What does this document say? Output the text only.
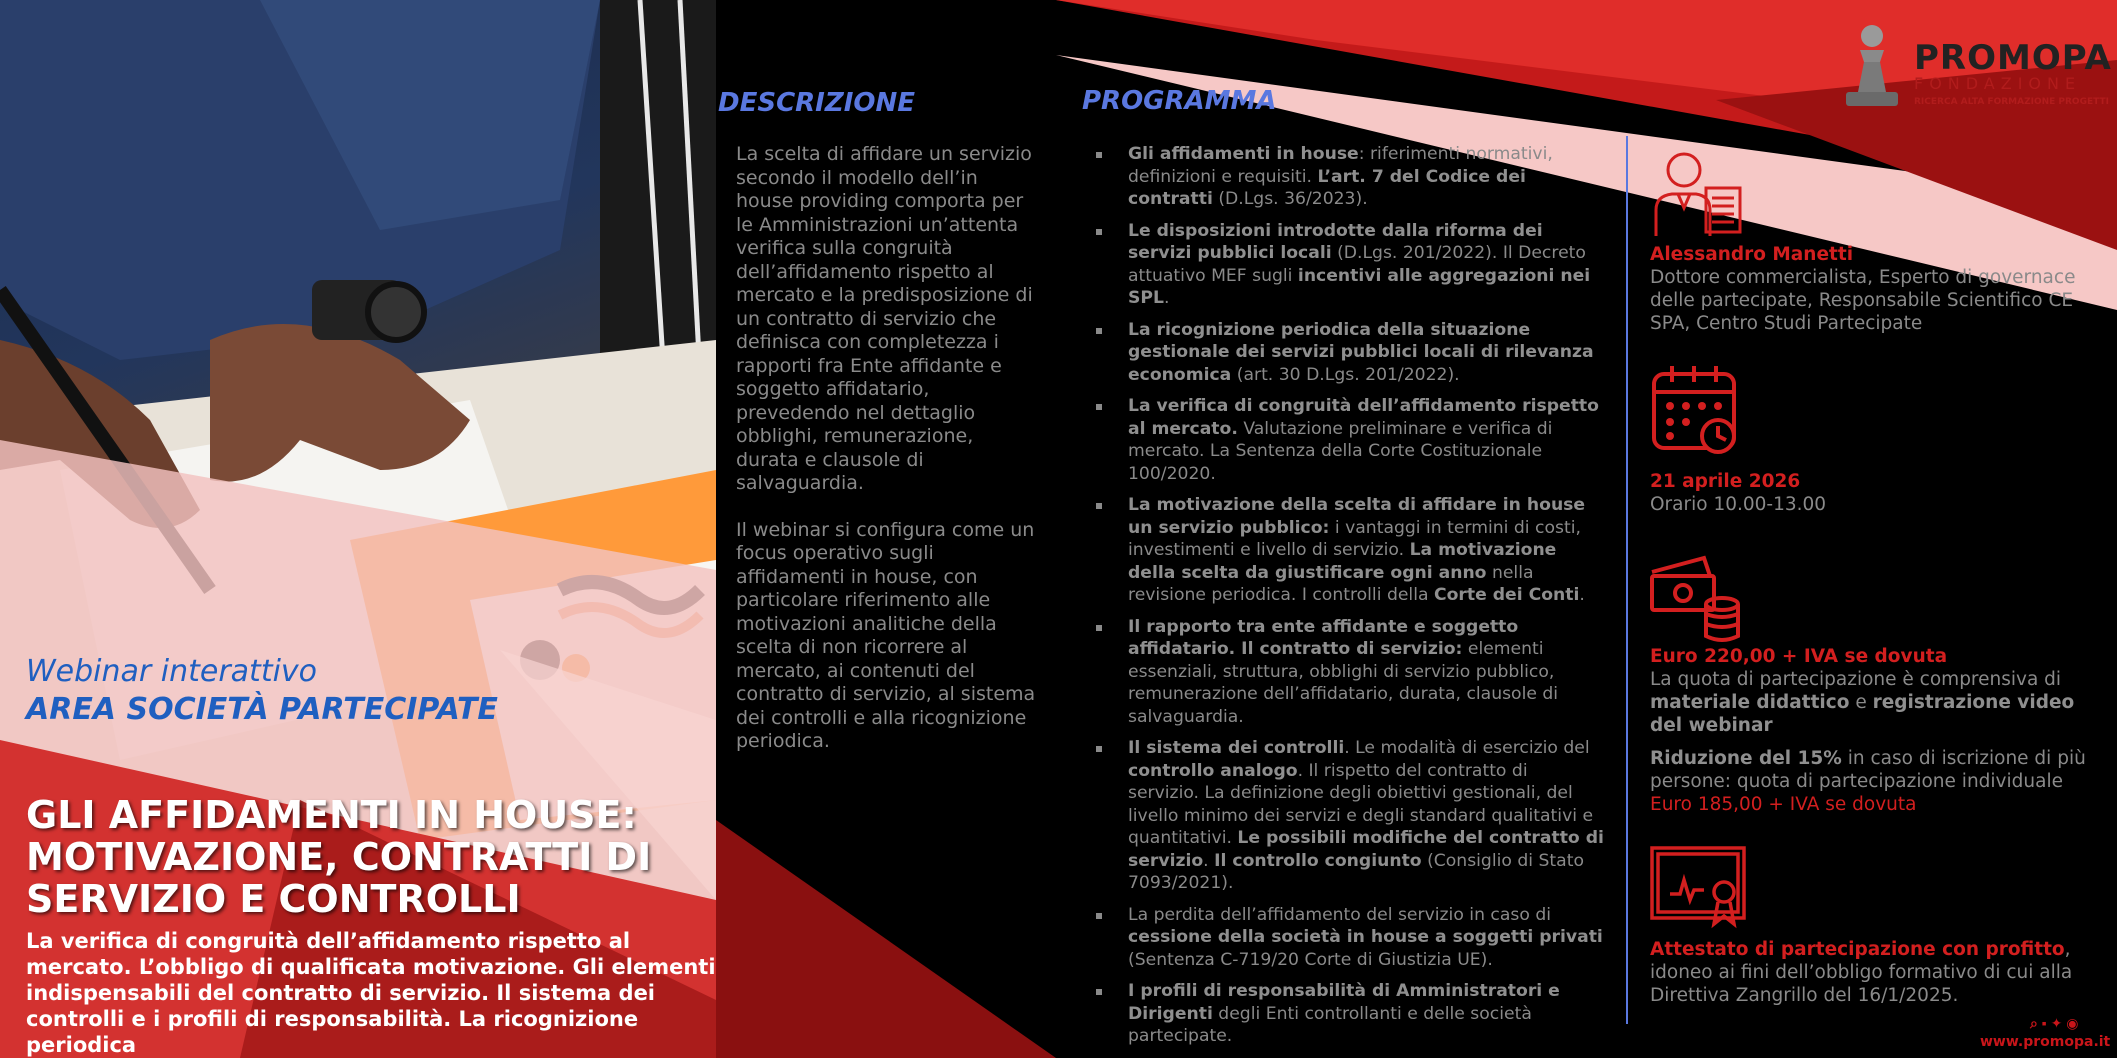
Webinar interattivo
AREA SOCIETÀ PARTECIPATE
GLI AFFIDAMENTI IN HOUSE:
MOTIVAZIONE, CONTRATTI DI
SERVIZIO E CONTROLLI
La verifica di congruità dell’affidamento rispetto al mercato. L’obbligo di qualificata motivazione. Gli elementi indispensabili del contratto di servizio. Il sistema dei controlli e i profili di responsabilità. La ricognizione periodica
DESCRIZIONE

La scelta di affidare un servizio secondo il modello dell’in house providing comporta per le Amministrazioni un’attenta verifica sulla congruità dell’affidamento rispetto al mercato e la predisposizione di un contratto di servizio che definisca con completezza i rapporti fra Ente affidante e soggetto affidatario, prevedendo nel dettaglio obblighi, remunerazione, durata e clausole di salvaguardia.

Il webinar si configura come un focus operativo sugli affidamenti in house, con particolare riferimento alle motivazioni analitiche della scelta di non ricorrere al mercato, ai contenuti del contratto di servizio, al sistema dei controlli e alla ricognizione periodica.

PROGRAMMA
Gli affidamenti in house: riferimenti normativi, definizioni e requisiti. L’art. 7 del Codice dei contratti (D.Lgs. 36/2023).
Le disposizioni introdotte dalla riforma dei servizi pubblici locali (D.Lgs. 201/2022). Il Decreto attuativo MEF sugli incentivi alle aggregazioni nei SPL.
La ricognizione periodica della situazione gestionale dei servizi pubblici locali di rilevanza economica (art. 30 D.Lgs. 201/2022).
La verifica di congruità dell’affidamento rispetto al mercato. Valutazione preliminare e verifica di mercato. La Sentenza della Corte Costituzionale 100/2020.
La motivazione della scelta di affidare in house un servizio pubblico: i vantaggi in termini di costi, investimenti e livello di servizio. La motivazione della scelta da giustificare ogni anno nella revisione periodica. I controlli della Corte dei Conti.
Il rapporto tra ente affidante e soggetto affidatario. Il contratto di servizio: elementi essenziali, struttura, obblighi di servizio pubblico, remunerazione dell’affidatario, durata, clausole di salvaguardia.
Il sistema dei controlli. Le modalità di esercizio del controllo analogo. Il rispetto del contratto di servizio. La definizione degli obiettivi gestionali, del livello minimo dei servizi e degli standard qualitativi e quantitativi. Le possibili modifiche del contratto di servizio. Il controllo congiunto (Consiglio di Stato 7093/2021).
La perdita dell’affidamento del servizio in caso di cessione della società in house a soggetti privati (Sentenza C-719/20 Corte di Giustizia UE).
I profili di responsabilità di Amministratori e Dirigenti degli Enti controllanti e delle società partecipate.
PROMOPA
FONDAZIONE
RICERCA ALTA FORMAZIONE PROGETTI
Alessandro Manetti
Dottore commercialista, Esperto di governace delle partecipate, Responsabile Scientifico CE SPA, Centro Studi Partecipate
21 aprile 2026
Orario 10.00-13.00
Euro 220,00 + IVA se dovuta
La quota di partecipazione è comprensiva di materiale didattico e registrazione video del webinar
Riduzione del 15% in caso di iscrizione di più persone: quota di partecipazione individuale
Euro 185,00 + IVA se dovuta
Attestato di partecipazione con profitto, idoneo ai fini dell’obbligo formativo di cui alla Direttiva Zangrillo del 16/1/2025.
⌕ ▪ ✦ ◉
www.promopa.it
